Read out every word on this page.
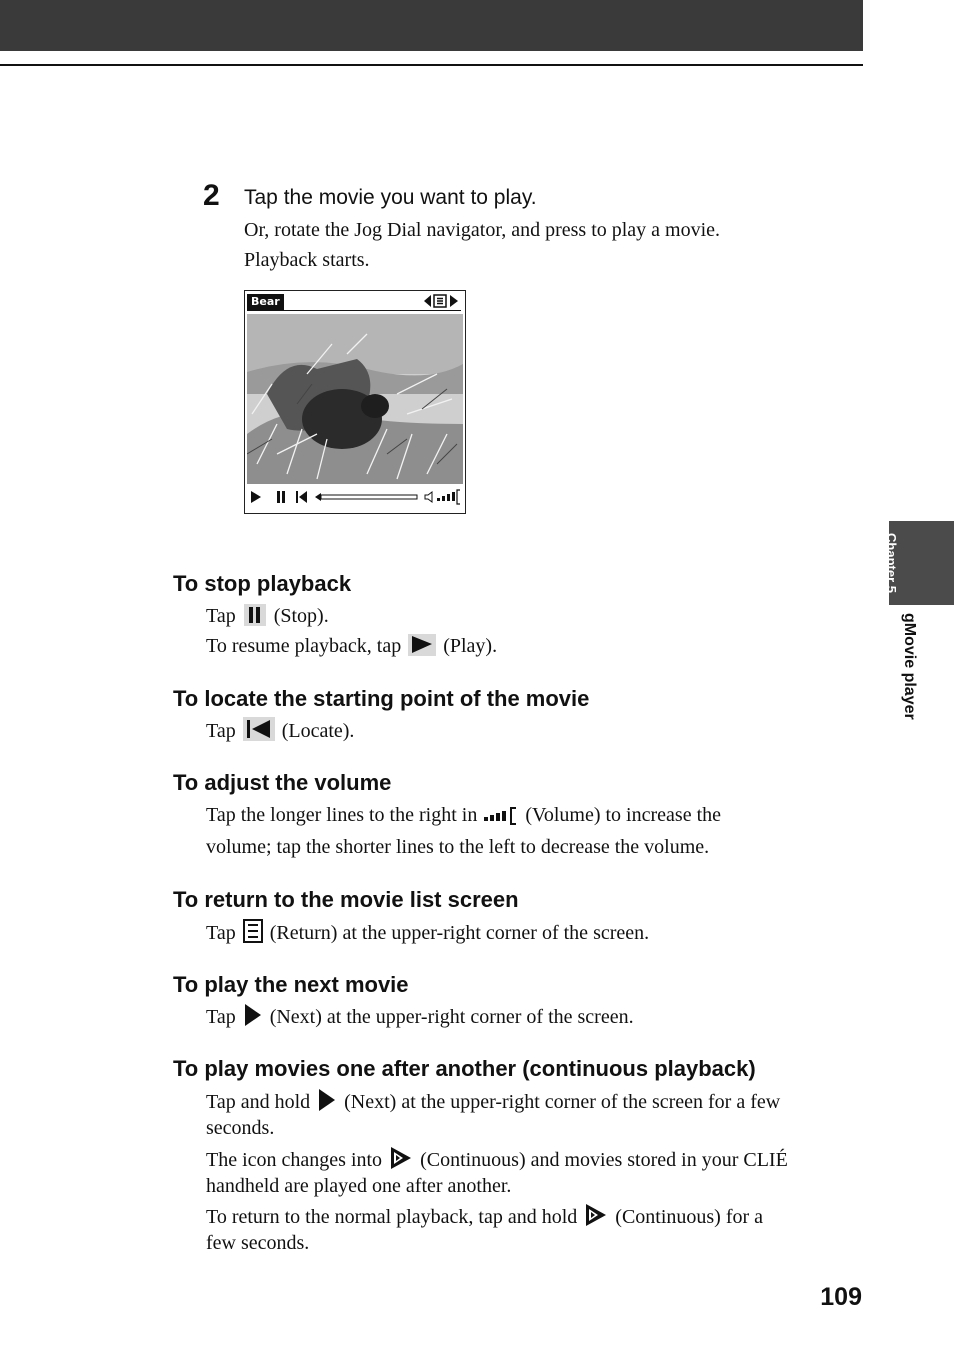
2 Tap the movie you want to play.
Or, rotate the Jog Dial navigator, and press to play a movie.
Playback starts.
Bear
To stop playback
Tap (Stop).
To resume playback, tap (Play).
To locate the starting point of the movie
Tap (Locate).
To adjust the volume
Tap the longer lines to the right in (Volume) to increase the
volume; tap the shorter lines to the left to decrease the volume.
To return to the movie list screen
Tap (Return) at the upper-right corner of the screen.
To play the next movie
Tap (Next) at the upper-right corner of the screen.
To play movies one after another (continuous playback)
Tap and hold (Next) at the upper-right corner of the screen for a few
seconds.
The icon changes into (Continuous) and movies stored in your CLIÉ
handheld are played one after another.
To return to the normal playback, tap and hold (Continuous) for a
few seconds.
Chapter 5
gMovie player
109
